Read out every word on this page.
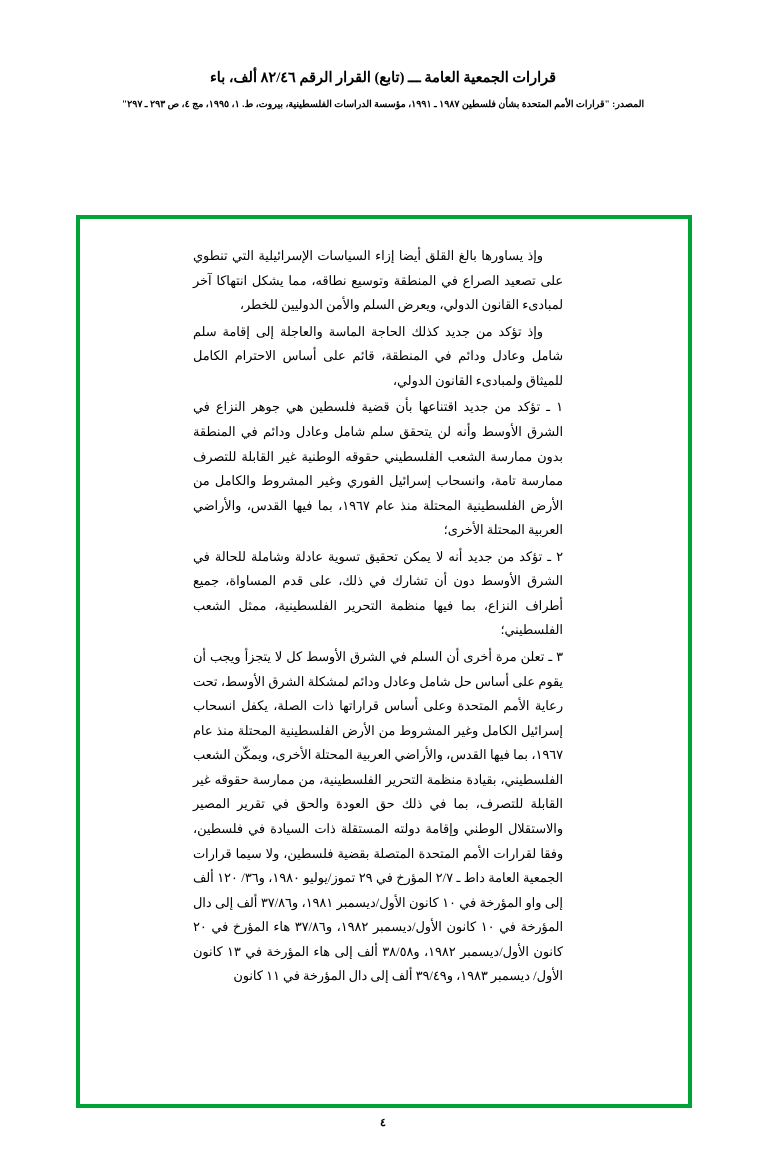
قرارات الجمعية العامة ـــ (تابع) القرار الرقم ٨٢/٤٦ ألف، باء
المصدر: "قرارات الأمم المتحدة بشأن فلسطين ١٩٨٧ ـ ١٩٩١، مؤسسة الدراسات الفلسطينية، بيروت، ط. ١، ١٩٩٥، مج ٤، ص ٢٩٣ ـ ٢٩٧"

وإذ يساورها بالغ القلق أيضا إزاء السياسات الإسرائيلية التي تنطوي على تصعيد الصراع في المنطقة وتوسيع نطاقه، مما يشكل انتهاكا آخر لمبادىء القانون الدولي، ويعرض السلم والأمن الدوليين للخطر،

وإذ تؤكد من جديد كذلك الحاجة الماسة والعاجلة إلى إقامة سلم شامل وعادل ودائم في المنطقة، قائم على أساس الاحترام الكامل للميثاق ولمبادىء القانون الدولي،

١ ـ تؤكد من جديد اقتناعها بأن قضية فلسطين هي جوهر النزاع في الشرق الأوسط وأنه لن يتحقق سلم شامل وعادل ودائم في المنطقة بدون ممارسة الشعب الفلسطيني حقوقه الوطنية غير القابلة للتصرف ممارسة تامة، وانسحاب إسرائيل الفوري وغير المشروط والكامل من الأرض الفلسطينية المحتلة منذ عام ١٩٦٧، بما فيها القدس، والأراضي العربية المحتلة الأخرى؛

٢ ـ تؤكد من جديد أنه لا يمكن تحقيق تسوية عادلة وشاملة للحالة في الشرق الأوسط دون أن تشارك في ذلك، على قدم المساواة، جميع أطراف النزاع، بما فيها منظمة التحرير الفلسطينية، ممثل الشعب الفلسطيني؛

٣ ـ تعلن مرة أخرى أن السلم في الشرق الأوسط كل لا يتجزأ ويجب أن يقوم على أساس حل شامل وعادل ودائم لمشكلة الشرق الأوسط، تحت رعاية الأمم المتحدة وعلى أساس قراراتها ذات الصلة، يكفل انسحاب إسرائيل الكامل وغير المشروط من الأرض الفلسطينية المحتلة منذ عام ١٩٦٧، بما فيها القدس، والأراضي العربية المحتلة الأخرى، ويمكّن الشعب الفلسطيني، بقيادة منظمة التحرير الفلسطينية، من ممارسة حقوقه غير القابلة للتصرف، بما في ذلك حق العودة والحق في تقرير المصير والاستقلال الوطني وإقامة دولته المستقلة ذات السيادة في فلسطين، وفقا لقرارات الأمم المتحدة المتصلة بقضية فلسطين، ولا سيما قرارات الجمعية العامة داط ـ ٢/٧ المؤرخ في ٢٩ تموز/يوليو ١٩٨٠، و٣٦/ ١٢٠ ألف إلى واو المؤرخة في ١٠ كانون الأول/ديسمبر ١٩٨١، و٣٧/٨٦ ألف إلى دال المؤرخة في ١٠ كانون الأول/ديسمبر ١٩٨٢، و٣٧/٨٦ هاء المؤرخ في ٢٠ كانون الأول/ديسمبر ١٩٨٢، و٣٨/٥٨ ألف إلى هاء المؤرخة في ١٣ كانون الأول/ ديسمبر ١٩٨٣، و٣٩/٤٩ ألف إلى دال المؤرخة في ١١ كانون

٤
